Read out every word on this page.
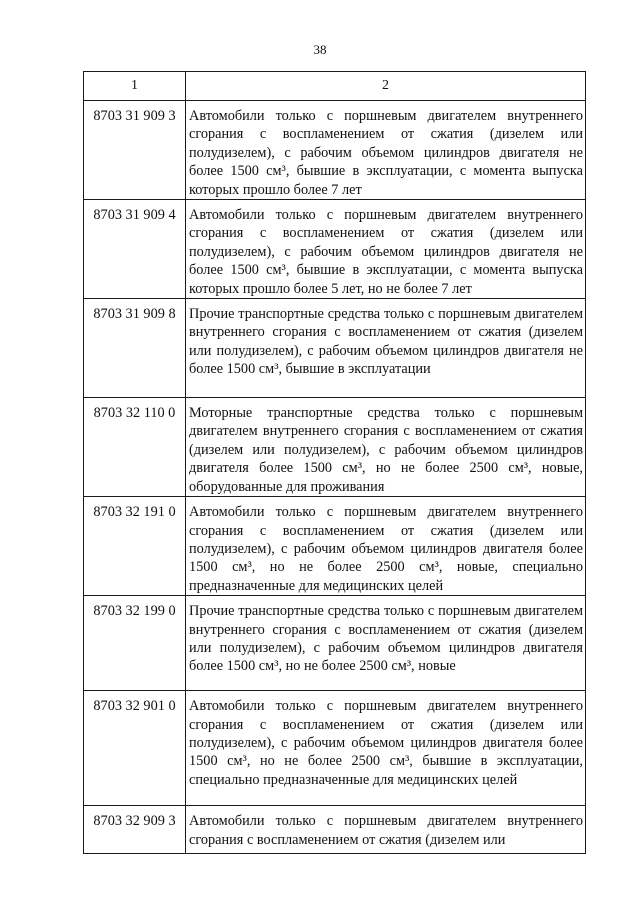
38
1	2
8703 31 909 3	Автомобили только с поршневым двигателем внутреннего сгорания с воспламенением от сжатия (дизелем или полудизелем), с рабочим объемом цилиндров двигателя не более 1500 см³, бывшие в эксплуатации, с момента выпуска которых прошло более 7 лет
8703 31 909 4	Автомобили только с поршневым двигателем внутреннего сгорания с воспламенением от сжатия (дизелем или полудизелем), с рабочим объемом цилиндров двигателя не более 1500 см³, бывшие в эксплуатации, с момента выпуска которых прошло более 5 лет, но не более 7 лет
8703 31 909 8	Прочие транспортные средства только с поршневым двигателем внутреннего сгорания с воспламенением от сжатия (дизелем или полудизелем), с рабочим объемом цилиндров двигателя не более 1500 см³, бывшие в эксплуатации
8703 32 110 0	Моторные транспортные средства только с поршневым двигателем внутреннего сгорания с воспламенением от сжатия (дизелем или полудизелем), с рабочим объемом цилиндров двигателя более 1500 см³, но не более 2500 см³, новые, оборудованные для проживания
8703 32 191 0	Автомобили только с поршневым двигателем внутреннего сгорания с воспламенением от сжатия (дизелем или полудизелем), с рабочим объемом цилиндров двигателя более 1500 см³, но не более 2500 см³, новые, специально предназначенные для медицинских целей
8703 32 199 0	Прочие транспортные средства только с поршневым двигателем внутреннего сгорания с воспламенением от сжатия (дизелем или полудизелем), с рабочим объемом цилиндров двигателя более 1500 см³, но не более 2500 см³, новые
8703 32 901 0	Автомобили только с поршневым двигателем внутреннего сгорания с воспламенением от сжатия (дизелем или полудизелем), с рабочим объемом цилиндров двигателя более 1500 см³, но не более 2500 см³, бывшие в эксплуатации, специально предназначенные для медицинских целей
8703 32 909 3	Автомобили только с поршневым двигателем внутреннего сгорания с воспламенением от сжатия (дизелем или
